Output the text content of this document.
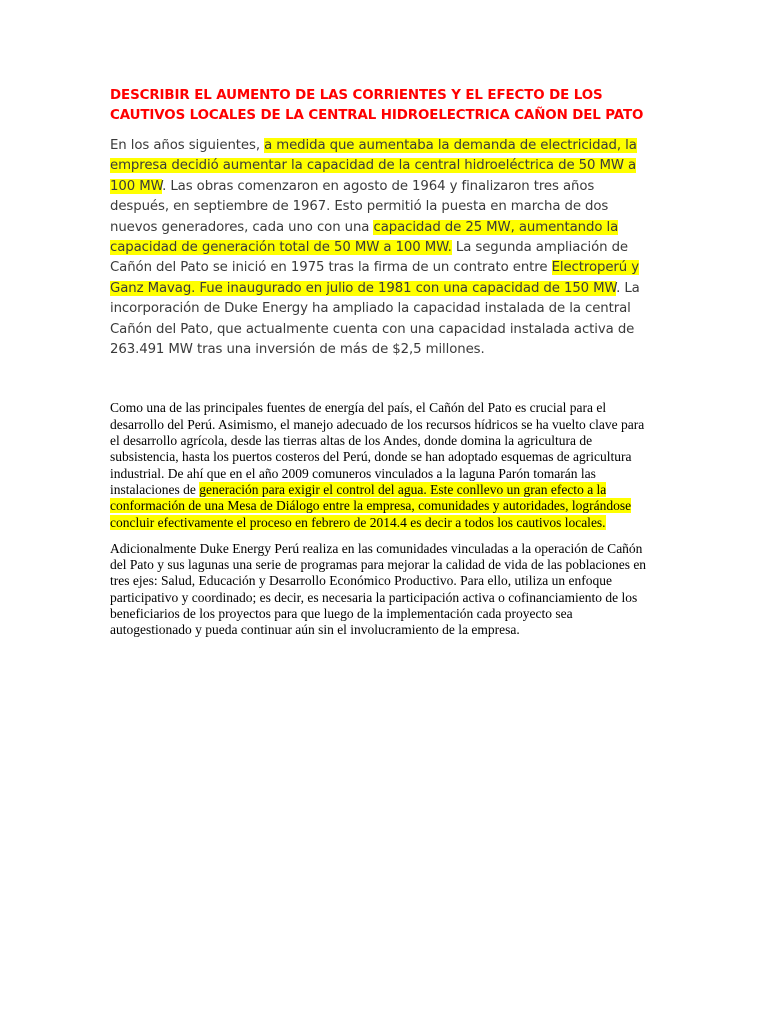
DESCRIBIR EL AUMENTO DE LAS CORRIENTES Y EL EFECTO DE LOS CAUTIVOS LOCALES DE LA CENTRAL HIDROELECTRICA CAÑON DEL PATO

En los años siguientes, a medida que aumentaba la demanda de electricidad, la empresa decidió aumentar la capacidad de la central hidroeléctrica de 50 MW a 100 MW. Las obras comenzaron en agosto de 1964 y finalizaron tres años después, en septiembre de 1967. Esto permitió la puesta en marcha de dos nuevos generadores, cada uno con una capacidad de 25 MW, aumentando la capacidad de generación total de 50 MW a 100 MW. La segunda ampliación de Cañón del Pato se inició en 1975 tras la firma de un contrato entre Electroperú y Ganz Mavag. Fue inaugurado en julio de 1981 con una capacidad de 150 MW. La incorporación de Duke Energy ha ampliado la capacidad instalada de la central Cañón del Pato, que actualmente cuenta con una capacidad instalada activa de 263.491 MW tras una inversión de más de $2,5 millones.

Como una de las principales fuentes de energía del país, el Cañón del Pato es crucial para el desarrollo del Perú. Asimismo, el manejo adecuado de los recursos hídricos se ha vuelto clave para el desarrollo agrícola, desde las tierras altas de los Andes, donde domina la agricultura de subsistencia, hasta los puertos costeros del Perú, donde se han adoptado esquemas de agricultura industrial. De ahí que en el año 2009 comuneros vinculados a la laguna Parón tomarán las instalaciones de generación para exigir el control del agua. Este conllevo un gran efecto a la conformación de una Mesa de Diálogo entre la empresa, comunidades y autoridades, lográndose concluir efectivamente el proceso en febrero de 2014.4 es decir a todos los cautivos locales.

Adicionalmente Duke Energy Perú realiza en las comunidades vinculadas a la operación de Cañón del Pato y sus lagunas una serie de programas para mejorar la calidad de vida de las poblaciones en tres ejes: Salud, Educación y Desarrollo Económico Productivo. Para ello, utiliza un enfoque participativo y coordinado; es decir, es necesaria la participación activa o cofinanciamiento de los beneficiarios de los proyectos para que luego de la implementación cada proyecto sea autogestionado y pueda continuar aún sin el involucramiento de la empresa.
